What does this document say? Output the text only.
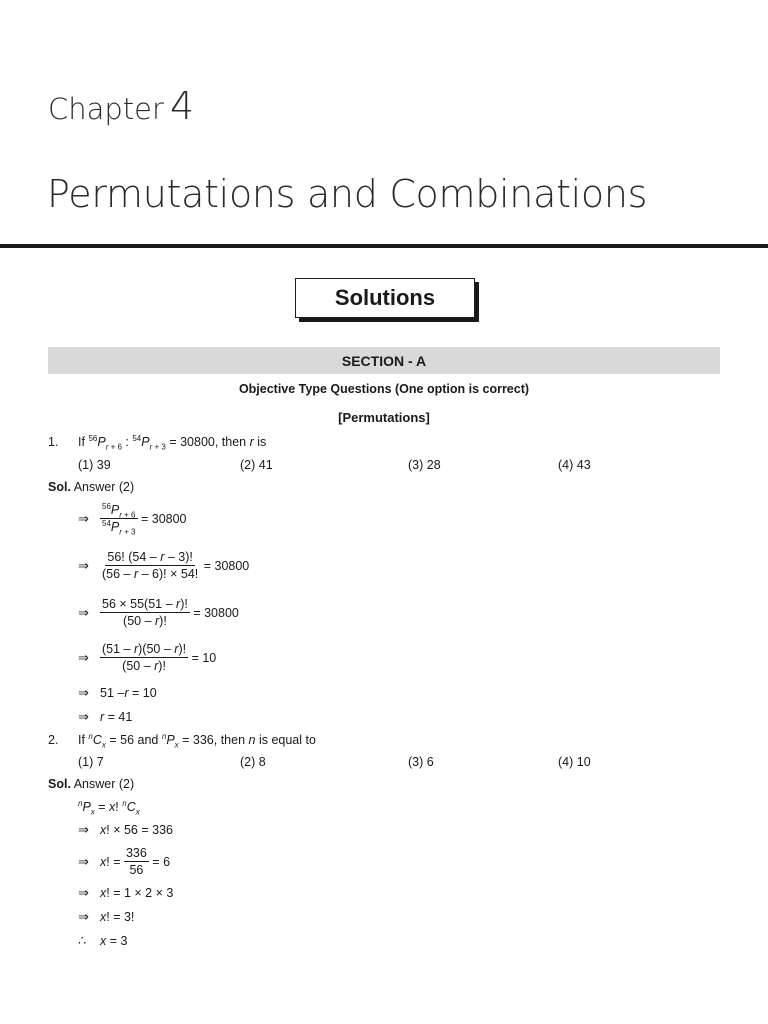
Chapter 4
Permutations and Combinations
Solutions
SECTION - A
Objective Type Questions (One option is correct)
[Permutations]
1. If $^{56}P_{r + 6}$ : $^{54}P_{r + 3} = 30800$, then r is
(1) 39	(2) 41	(3) 28	(4) 43
Sol. Answer (2)
⇒	$\frac{^{56}P_{r + 6}}{^{54}P_{r + 3}} = 30800$
⇒ $\frac{56! (54 - r - 3)!}{(56 - r - 6)! \times 54!} = 30800$
⇒ $\frac{56 \times 55(51 - r)!}{(50 - r)!} = 30800$
⇒ $\frac{(51 - r)(50 - r)!}{(50 - r)!} = 10$
⇒ 51 – r = 10
⇒ r = 41
2. If $^nC_x = 56$ and $^nP_x = 336$, then n is equal to
(1) 7	(2) 8	(3) 6	(4) 10
Sol. Answer (2)
$^nP_x = x$! $^nC_x$
⇒ x ! × 56 = 336
⇒ x! = $\frac{336}{56} = 6$
⇒ x ! = 1 × 2 × 3
⇒ x ! = 3!
∴	x = 3
